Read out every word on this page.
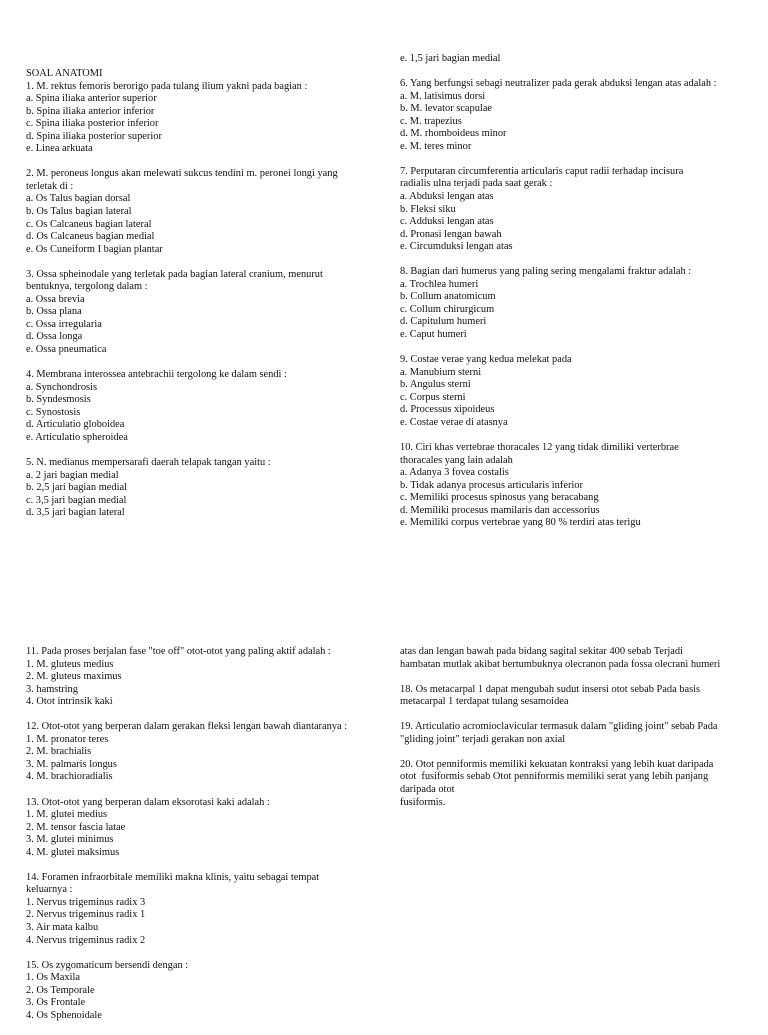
SOAL ANATOMI

1. M. rektus femoris berorigo pada tulang ilium yakni pada bagian :

a. Spina iliaka anterior superior

b. Spina iliaka anterior inferior

c. Spina iliaka posterior inferior

d. Spina iliaka posterior superior

e. Linea arkuata

2. M. peroneus longus akan melewati sukcus tendini m. peronei longi yang

terletak di :

a. Os Talus bagian dorsal

b. Os Talus bagian lateral

c. Os Calcaneus bagian lateral

d. Os Calcaneus bagian medial

e. Os Cuneiform I bagian plantar

3. Ossa spheinodale yang terletak pada bagian lateral cranium, menurut

bentuknya, tergolong dalam :

a. Ossa brevia

b. Ossa plana

c. Ossa irregularia

d. Ossa longa

e. Ossa pneumatica

4. Membrana interossea antebrachii tergolong ke dalam sendi :

a. Synchondrosis

b. Syndesmosis

c. Synostosis

d. Articulatio globoidea

e. Articulatio spheroidea

5. N. medianus mempersarafi daerah telapak tangan yaitu :

a. 2 jari bagian medial

b. 2,5 jari bagian medial

c. 3,5 jari bagian medial

d. 3,5 jari bagian lateral

e. 1,5 jari bagian medial

6. Yang berfungsi sebagi neutralizer pada gerak abduksi lengan atas adalah :

a. M. latisimus dorsi

b. M. levator scapulae

c. M. trapezius

d. M. rhomboideus minor

e. M. teres minor

7. Perputaran circumferentia articularis caput radii terhadap incisura

radialis ulna terjadi pada saat gerak :

a. Abduksi lengan atas

b. Fleksi siku

c. Adduksi lengan atas

d. Pronasi lengan bawah

e. Circumduksi lengan atas

8. Bagian dari humerus yang paling sering mengalami fraktur adalah :

a. Trochlea humeri

b. Collum anatomicum

c. Collum chirurgicum

d. Capitulum humeri

e. Caput humeri

9. Costae verae yang kedua melekat pada

a. Manubium sterni

b. Angulus sterni

c. Corpus sterni

d. Processus xipoideus

e. Costae verae di atasnya

10. Ciri khas vertebrae thoracales 12 yang tidak dimiliki verterbrae

thoracales yang lain adalah

a. Adanya 3 fovea costalis

b. Tidak adanya procesus articularis inferior

c. Memiliki procesus spinosus yang beracabang

d. Memiliki procesus mamilaris dan accessorius

e. Memiliki corpus vertebrae yang 80 % terdiri atas terigu

11. Pada proses berjalan fase "toe off" otot-otot yang paling aktif adalah :

1. M. gluteus medius

2. M. gluteus maximus

3. hamstring

4. Otot intrinsik kaki

12. Otot-otot yang berperan dalam gerakan fleksi lengan bawah diantaranya :

1. M. pronator teres

2. M. brachialis

3. M. palmaris longus

4. M. brachioradialis

13. Otot-otot yang berperan dalam eksorotasi kaki adalah :

1. M. glutei medius

2. M. tensor fascia latae

3. M. glutei minimus

4. M. glutei maksimus

14. Foramen infraorbitale memiliki makna klinis, yaitu sebagai tempat

keluarnya :

1. Nervus trigeminus radix 3

2. Nervus trigeminus radix 1

3. Air mata kalbu

4. Nervus trigeminus radix 2

15. Os zygomaticum bersendi dengan :

1. Os Maxila

2. Os Temporale

3. Os Frontale

4. Os Sphenoidale

atas dan lengan bawah pada bidang sagital sekitar 400 sebab Terjadi

hambatan mutlak akibat bertumbuknya olecranon pada fossa olecrani humeri

18. Os metacarpal 1 dapat mengubah sudut insersi otot sebab Pada basis

metacarpal 1 terdapat tulang sesamoidea

19. Articulatio acromioclavicular termasuk dalam "gliding joint" sebab Pada

"gliding joint" terjadi gerakan non axial

20. Otot penniformis memiliki kekuatan kontraksi yang lebih kuat daripada

otot  fusiformis sebab Otot penniformis memiliki serat yang lebih panjang

daripada otot

fusiformis.
